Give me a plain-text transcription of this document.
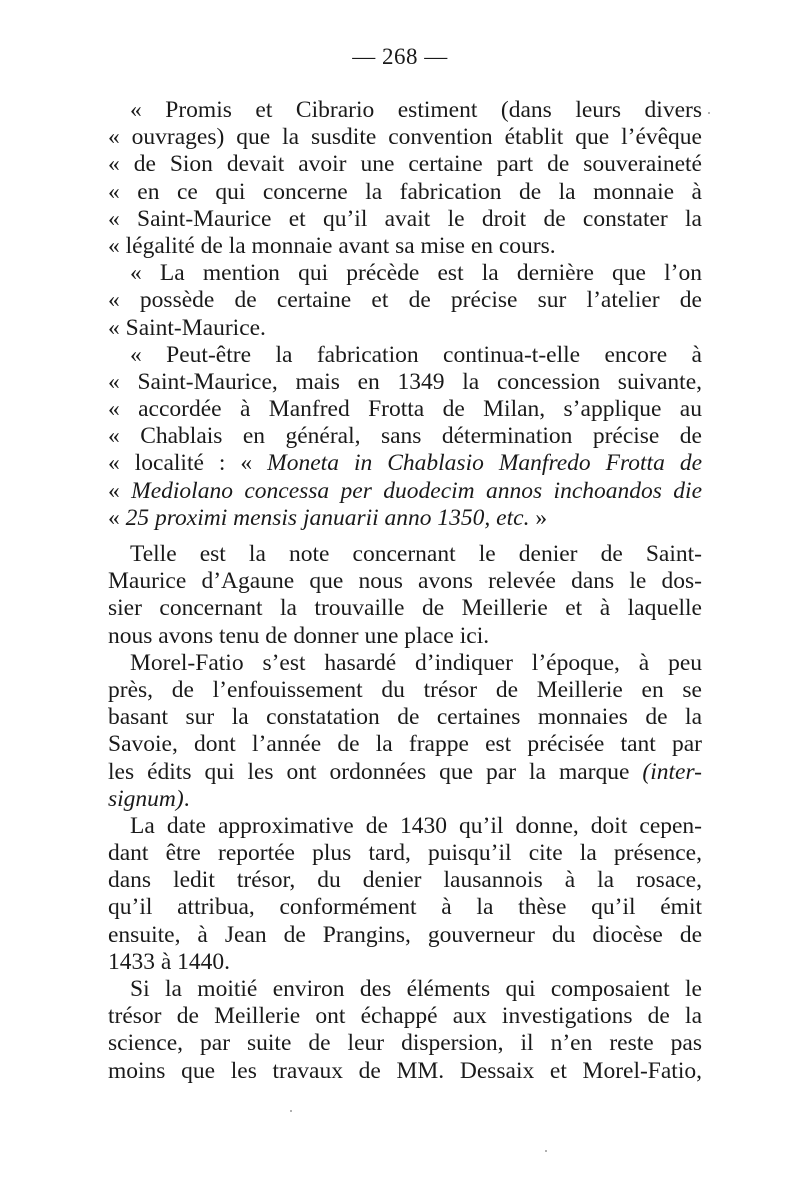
— 268 —
« Promis et Cibrario estiment (dans leurs divers
« ouvrages) que la susdite convention établit que l’évêque
« de Sion devait avoir une certaine part de souveraineté
« en ce qui concerne la fabrication de la monnaie à
« Saint-Maurice et qu’il avait le droit de constater la
« légalité de la monnaie avant sa mise en cours.
« La mention qui précède est la dernière que l’on
« possède de certaine et de précise sur l’atelier de
« Saint-Maurice.
« Peut-être la fabrication continua-t-elle encore à
« Saint-Maurice, mais en 1349 la concession suivante,
« accordée à Manfred Frotta de Milan, s’applique au
« Chablais en général, sans détermination précise de
« localité : « Moneta in Chablasio Manfredo Frotta de
« Mediolano concessa per duodecim annos inchoandos die
« 25 proximi mensis januarii anno 1350, etc. »
Telle est la note concernant le denier de Saint-
Maurice d’Agaune que nous avons relevée dans le dos-
sier concernant la trouvaille de Meillerie et à laquelle
nous avons tenu de donner une place ici.
Morel-Fatio s’est hasardé d’indiquer l’époque, à peu
près, de l’enfouissement du trésor de Meillerie en se
basant sur la constatation de certaines monnaies de la
Savoie, dont l’année de la frappe est précisée tant par
les édits qui les ont ordonnées que par la marque (inter-
signum).
La date approximative de 1430 qu’il donne, doit cepen-
dant être reportée plus tard, puisqu’il cite la présence,
dans ledit trésor, du denier lausannois à la rosace,
qu’il attribua, conformément à la thèse qu’il émit
ensuite, à Jean de Prangins, gouverneur du diocèse de
1433 à 1440.
Si la moitié environ des éléments qui composaient le
trésor de Meillerie ont échappé aux investigations de la
science, par suite de leur dispersion, il n’en reste pas
moins que les travaux de MM. Dessaix et Morel-Fatio,
